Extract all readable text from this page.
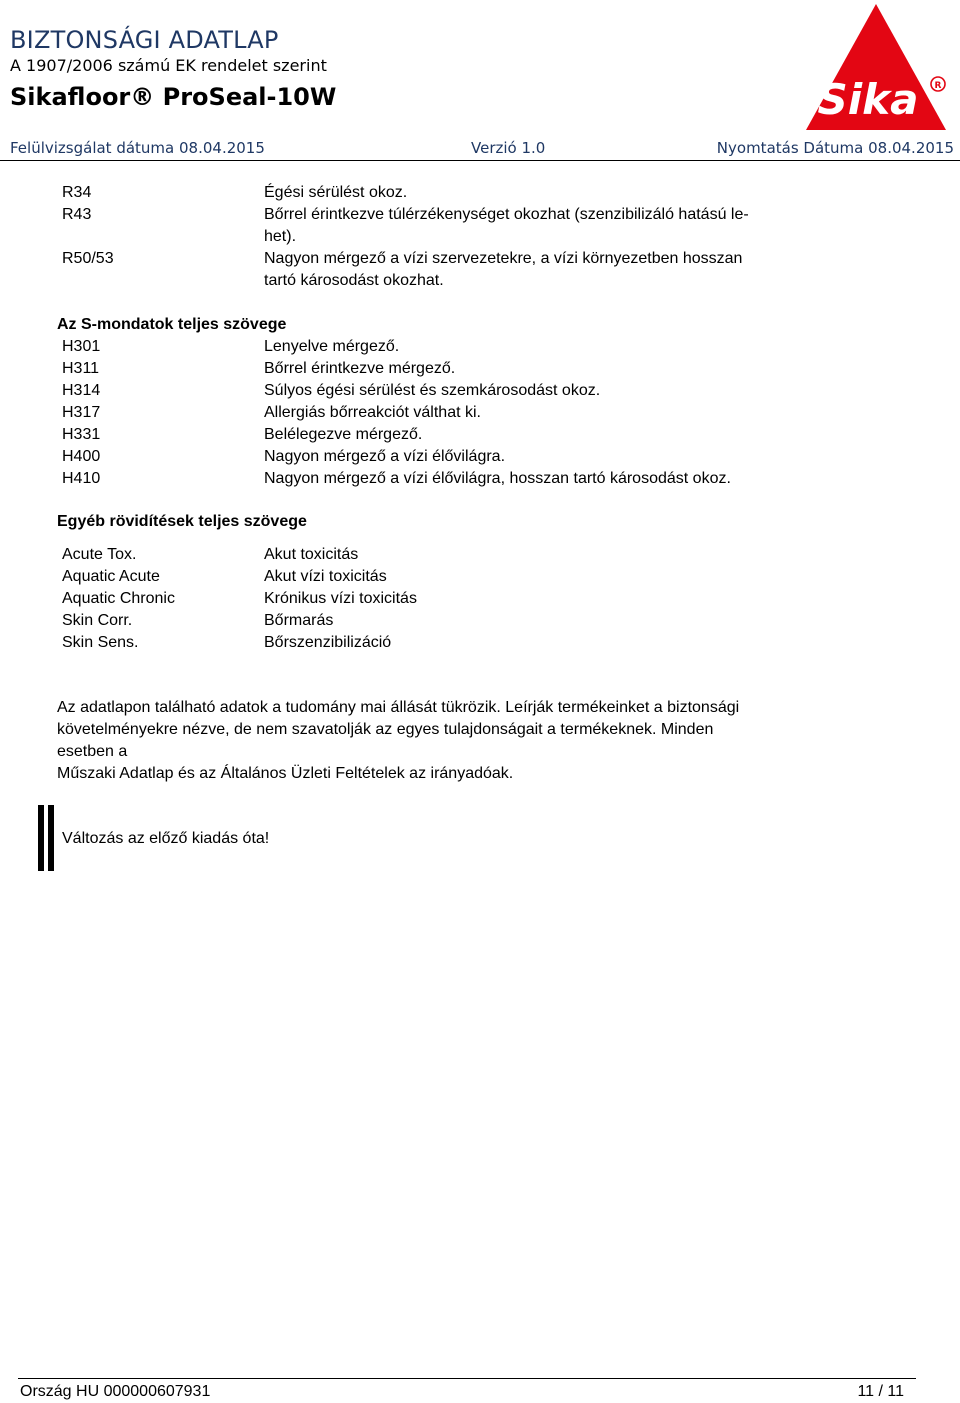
BIZTONSÁGI ADATLAP
A 1907/2006 számú EK rendelet szerint
Sikafloor® ProSeal-10W
Felülvizsgálat dátuma 08.04.2015	Verzió 1.0	Nyomtatás Dátuma 08.04.2015
Sika R
R34	Égési sérülést okoz.
R43	Bőrrel érintkezve túlérzékenységet okozhat (szenzibilizáló hatású le-
het).
R50/53	Nagyon mérgező a vízi szervezetekre, a vízi környezetben hosszan
tartó károsodást okozhat.
Az S-mondatok teljes szövege
H301	Lenyelve mérgező.
H311	Bőrrel érintkezve mérgező.
H314	Súlyos égési sérülést és szemkárosodást okoz.
H317	Allergiás bőrreakciót válthat ki.
H331	Belélegezve mérgező.
H400	Nagyon mérgező a vízi élővilágra.
H410	Nagyon mérgező a vízi élővilágra, hosszan tartó károsodást okoz.
Egyéb rövidítések teljes szövege
Acute Tox.	Akut toxicitás
Aquatic Acute	Akut vízi toxicitás
Aquatic Chronic	Krónikus vízi toxicitás
Skin Corr.	Bőrmarás
Skin Sens.	Bőrszenzibilizáció

Az adatlapon található adatok a tudomány mai állását tükrözik. Leírják termékeinket a biztonsági

követelményekre nézve, de nem szavatolják az egyes tulajdonságait a termékeknek. Minden

esetben a

Műszaki Adatlap és az Általános Üzleti Feltételek az irányadóak.

Változás az előző kiadás óta!
Ország HU 000000607931	11 / 11
